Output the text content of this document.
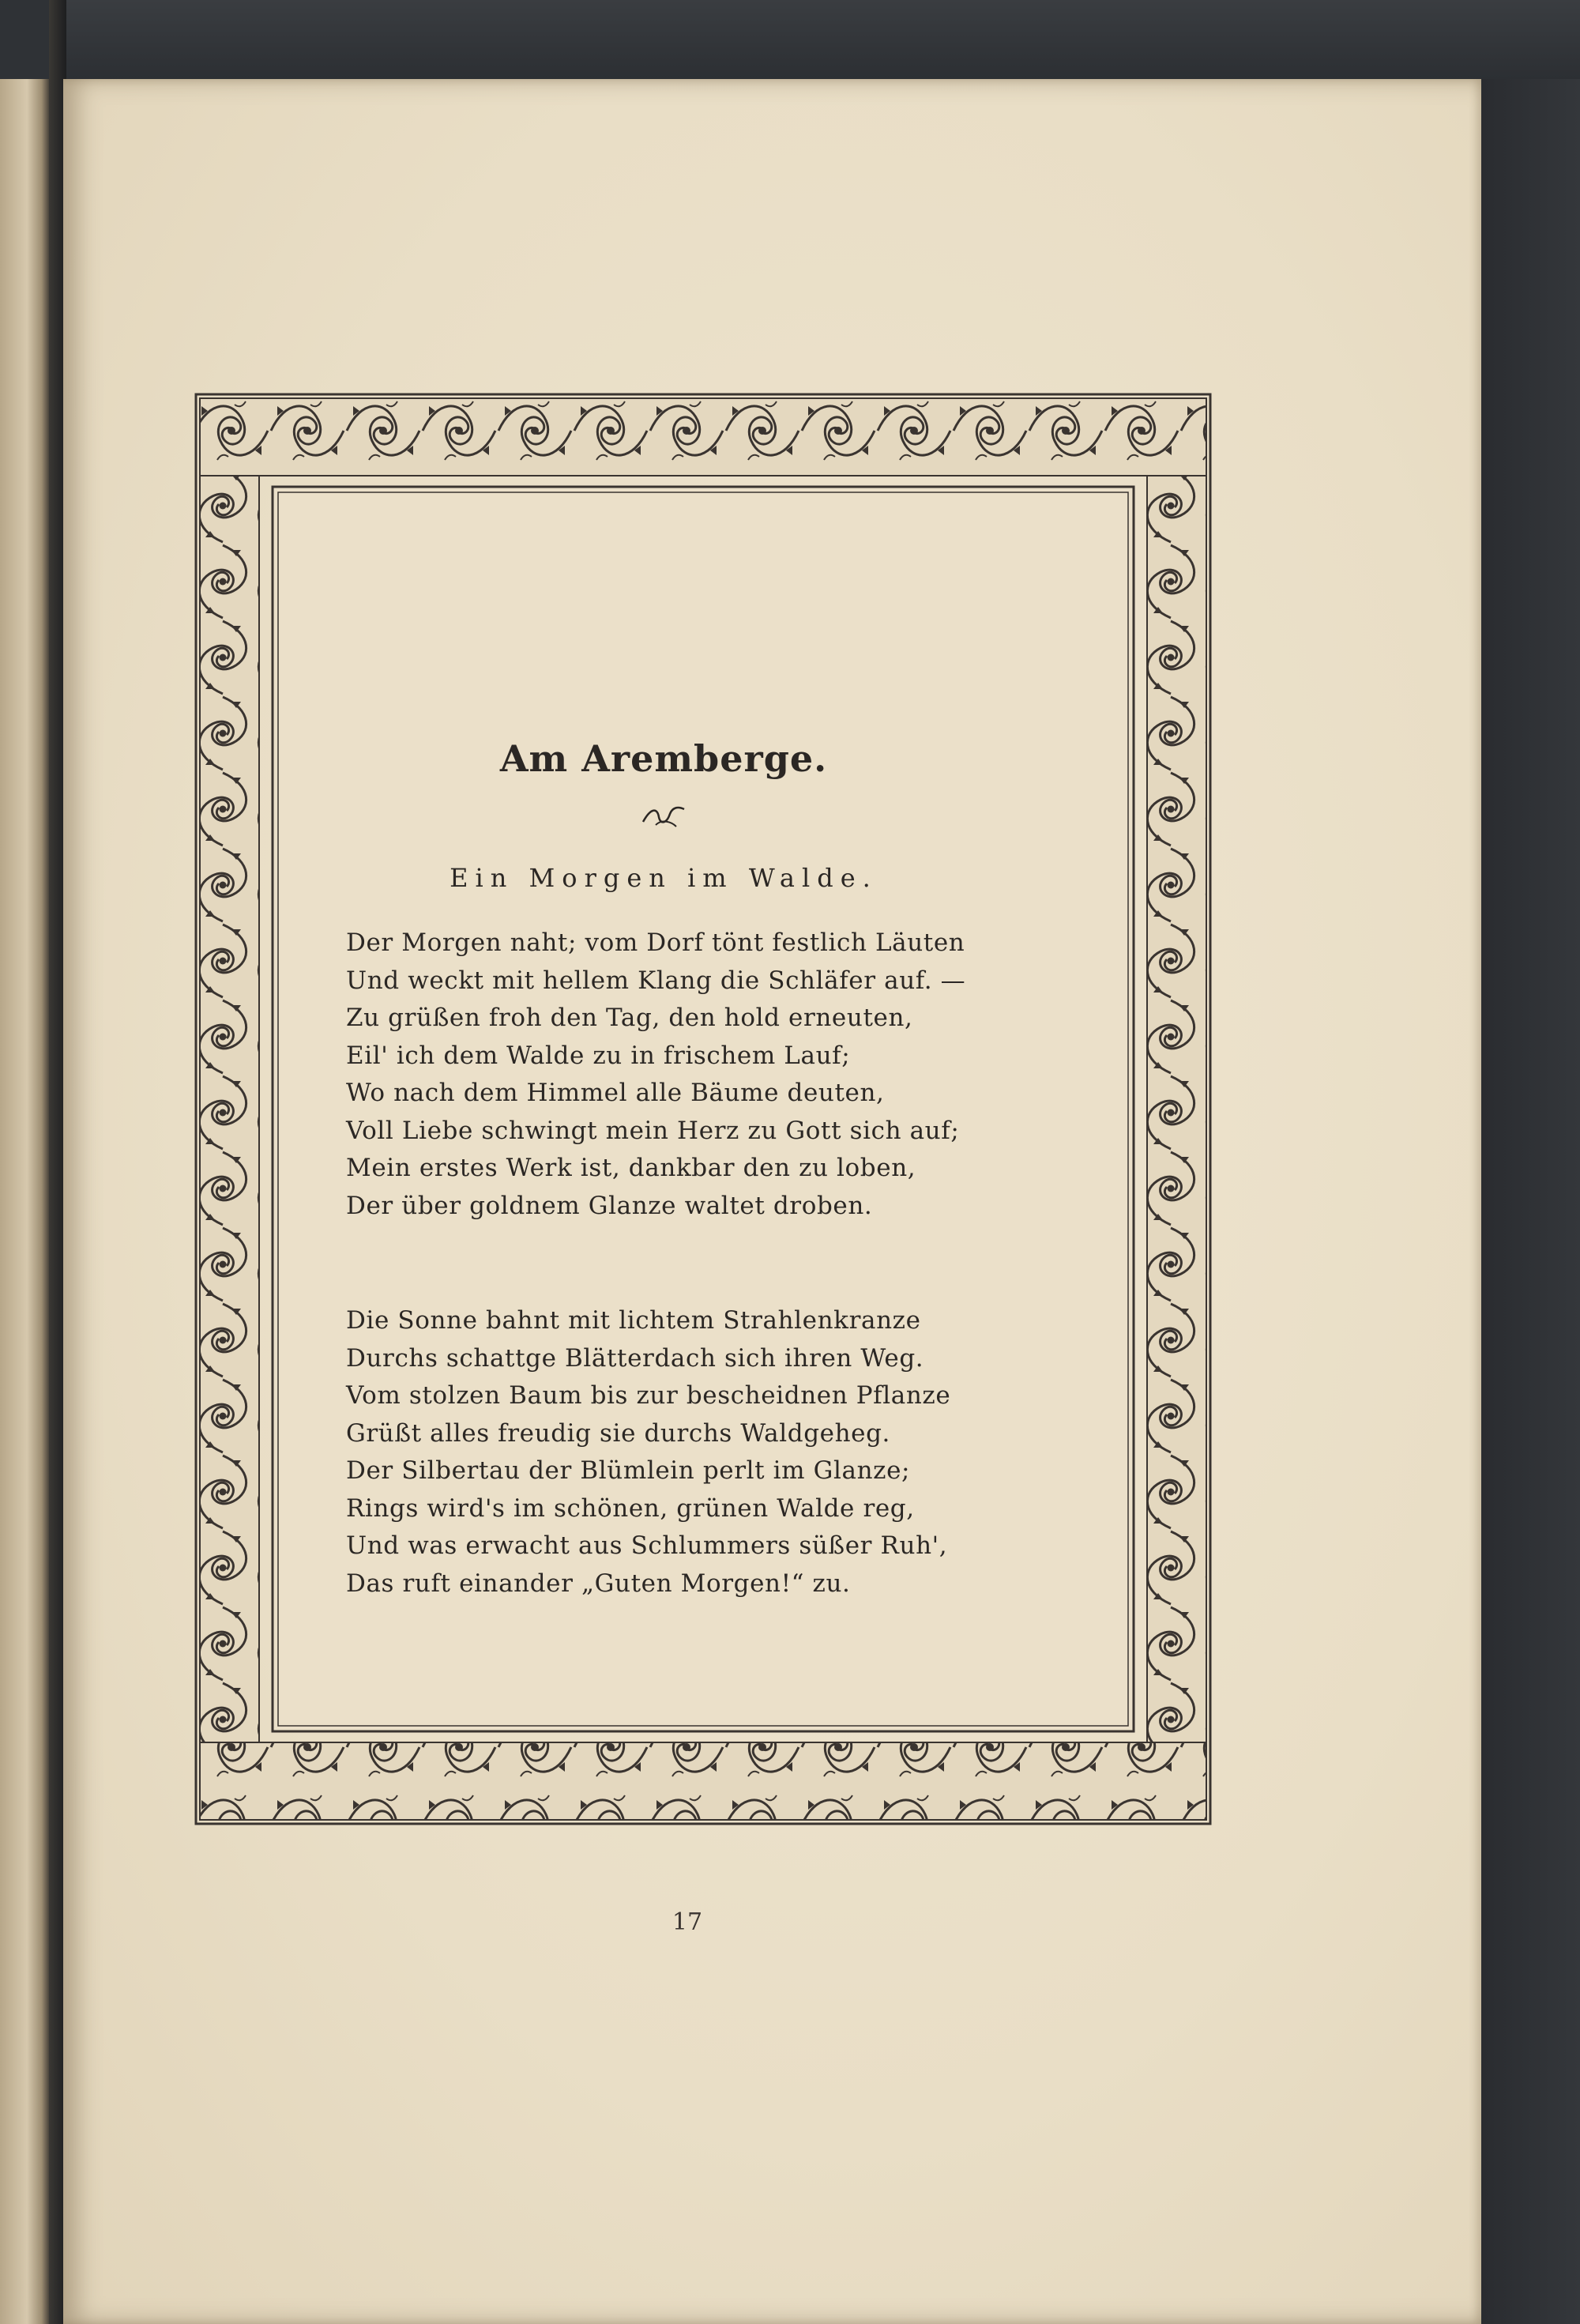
Am Aremberge.
Ein Morgen im Walde.
Der Morgen naht; vom Dorf tönt festlich Läuten
Und weckt mit hellem Klang die Schläfer auf. —
Zu grüßen froh den Tag, den hold erneuten,
Eil' ich dem Walde zu in frischem Lauf;
Wo nach dem Himmel alle Bäume deuten,
Voll Liebe schwingt mein Herz zu Gott sich auf;
Mein erstes Werk ist, dankbar den zu loben,
Der über goldnem Glanze waltet droben.
Die Sonne bahnt mit lichtem Strahlenkranze
Durchs schattge Blätterdach sich ihren Weg.
Vom stolzen Baum bis zur bescheidnen Pflanze
Grüßt alles freudig sie durchs Waldgeheg.
Der Silbertau der Blümlein perlt im Glanze;
Rings wird's im schönen, grünen Walde reg,
Und was erwacht aus Schlummers süßer Ruh',
Das ruft einander „Guten Morgen!“ zu.
17
